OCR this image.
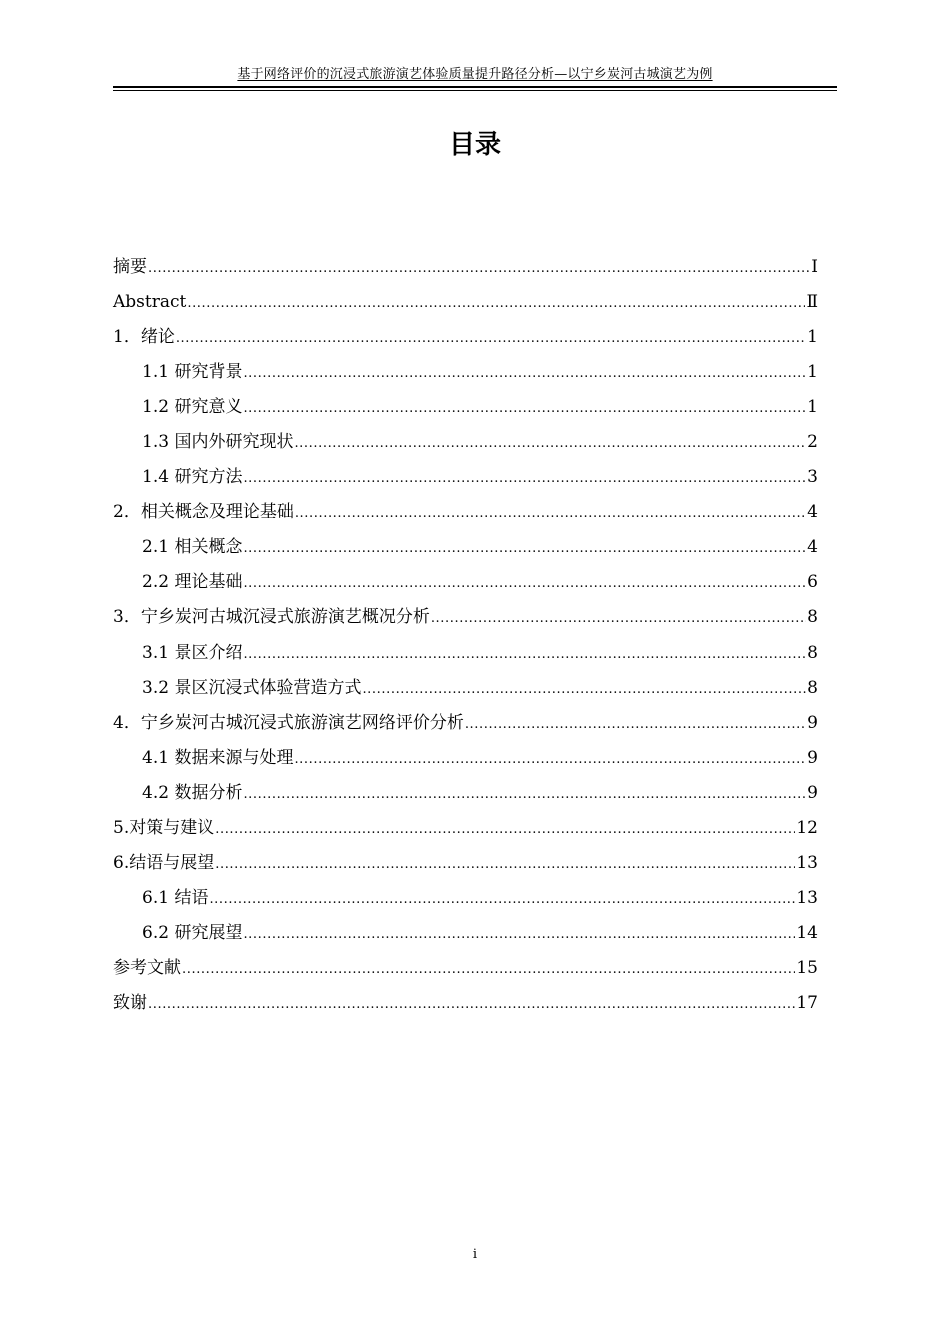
基于网络评价的沉浸式旅游演艺体验质量提升路径分析—以宁乡炭河古城演艺为例
目录
摘要 .....	Ⅰ
Abstract .....	Ⅱ
1．绪论 .....	1
1.1 研究背景 .....	1
1.2 研究意义 .....	1
1.3 国内外研究现状 .....	2
1.4 研究方法 .....	3
2．相关概念及理论基础 .....	4
2.1 相关概念 .....	4
2.2 理论基础 .....	6
3．宁乡炭河古城沉浸式旅游演艺概况分析 .....	8
3.1 景区介绍 .....	8
3.2 景区沉浸式体验营造方式 .....	8
4．宁乡炭河古城沉浸式旅游演艺网络评价分析 .....	9
4.1 数据来源与处理 .....	9
4.2 数据分析 .....	9
5.对策与建议 .....	12
6.结语与展望 .....	13
6.1 结语 .....	13
6.2 研究展望 .....	14
参考文献 .....	15
致谢 .....	17
i
